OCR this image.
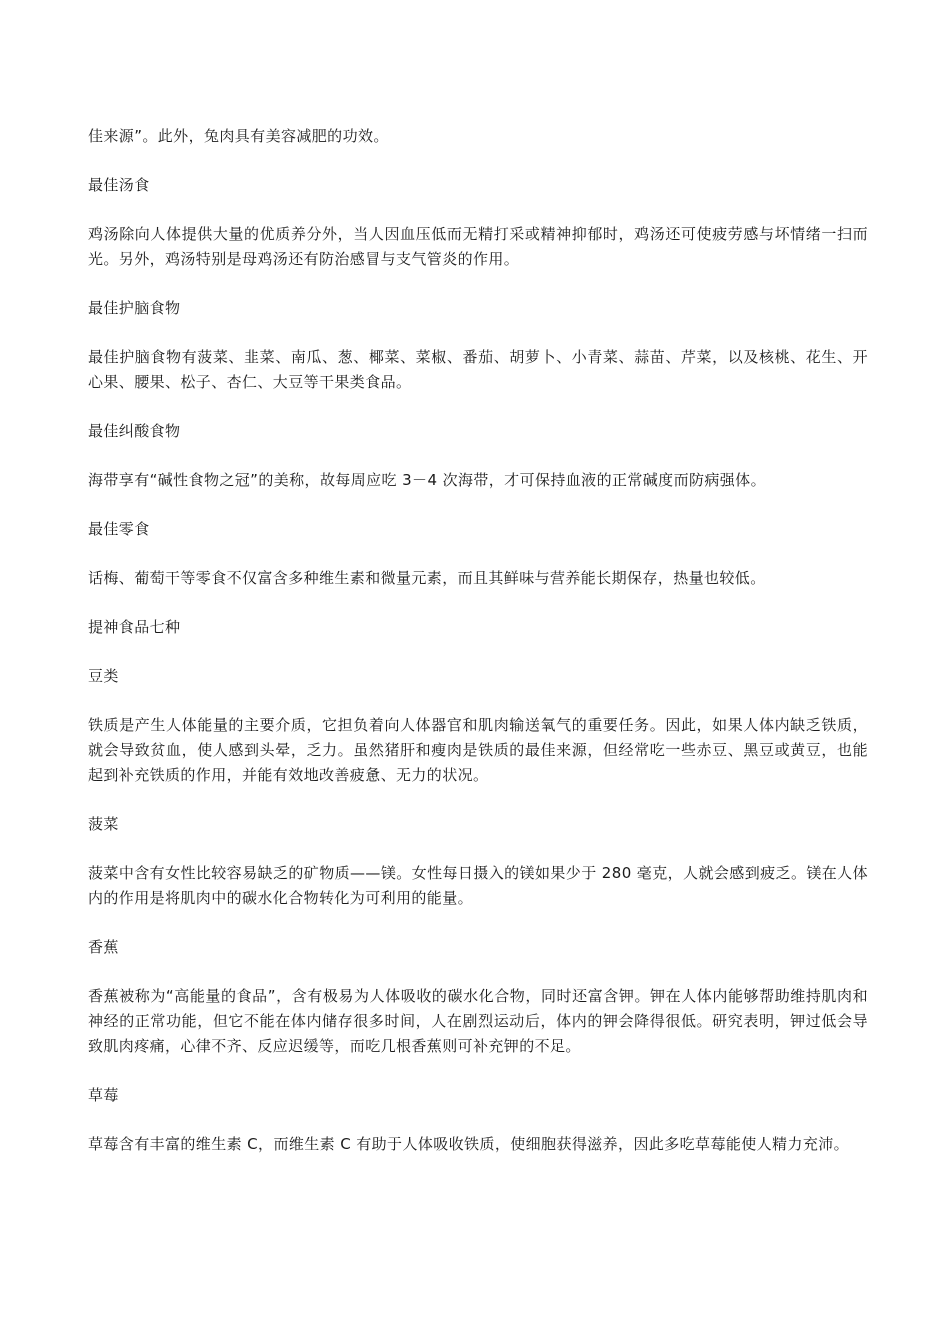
佳来源”。此外，兔肉具有美容减肥的功效。

最佳汤食

鸡汤除向人体提供大量的优质养分外，当人因血压低而无精打采或精神抑郁时，鸡汤还可使疲劳感与坏情绪一扫而光。另外，鸡汤特别是母鸡汤还有防治感冒与支气管炎的作用。

最佳护脑食物

最佳护脑食物有菠菜、韭菜、南瓜、葱、椰菜、菜椒、番茄、胡萝卜、小青菜、蒜苗、芹菜，以及核桃、花生、开心果、腰果、松子、杏仁、大豆等干果类食品。

最佳纠酸食物

海带享有“碱性食物之冠”的美称，故每周应吃 3－4 次海带，才可保持血液的正常碱度而防病强体。

最佳零食

话梅、葡萄干等零食不仅富含多种维生素和微量元素，而且其鲜味与营养能长期保存，热量也较低。

提神食品七种

豆类

铁质是产生人体能量的主要介质，它担负着向人体器官和肌肉输送氧气的重要任务。因此，如果人体内缺乏铁质，就会导致贫血，使人感到头晕，乏力。虽然猪肝和瘦肉是铁质的最佳来源，但经常吃一些赤豆、黑豆或黄豆，也能起到补充铁质的作用，并能有效地改善疲惫、无力的状况。

菠菜

菠菜中含有女性比较容易缺乏的矿物质——镁。女性每日摄入的镁如果少于 280 毫克，人就会感到疲乏。镁在人体内的作用是将肌肉中的碳水化合物转化为可利用的能量。

香蕉

香蕉被称为“高能量的食品”，含有极易为人体吸收的碳水化合物，同时还富含钾。钾在人体内能够帮助维持肌肉和神经的正常功能，但它不能在体内储存很多时间，人在剧烈运动后，体内的钾会降得很低。研究表明，钾过低会导致肌肉疼痛，心律不齐、反应迟缓等，而吃几根香蕉则可补充钾的不足。

草莓

草莓含有丰富的维生素 C，而维生素 C 有助于人体吸收铁质，使细胞获得滋养，因此多吃草莓能使人精力充沛。
